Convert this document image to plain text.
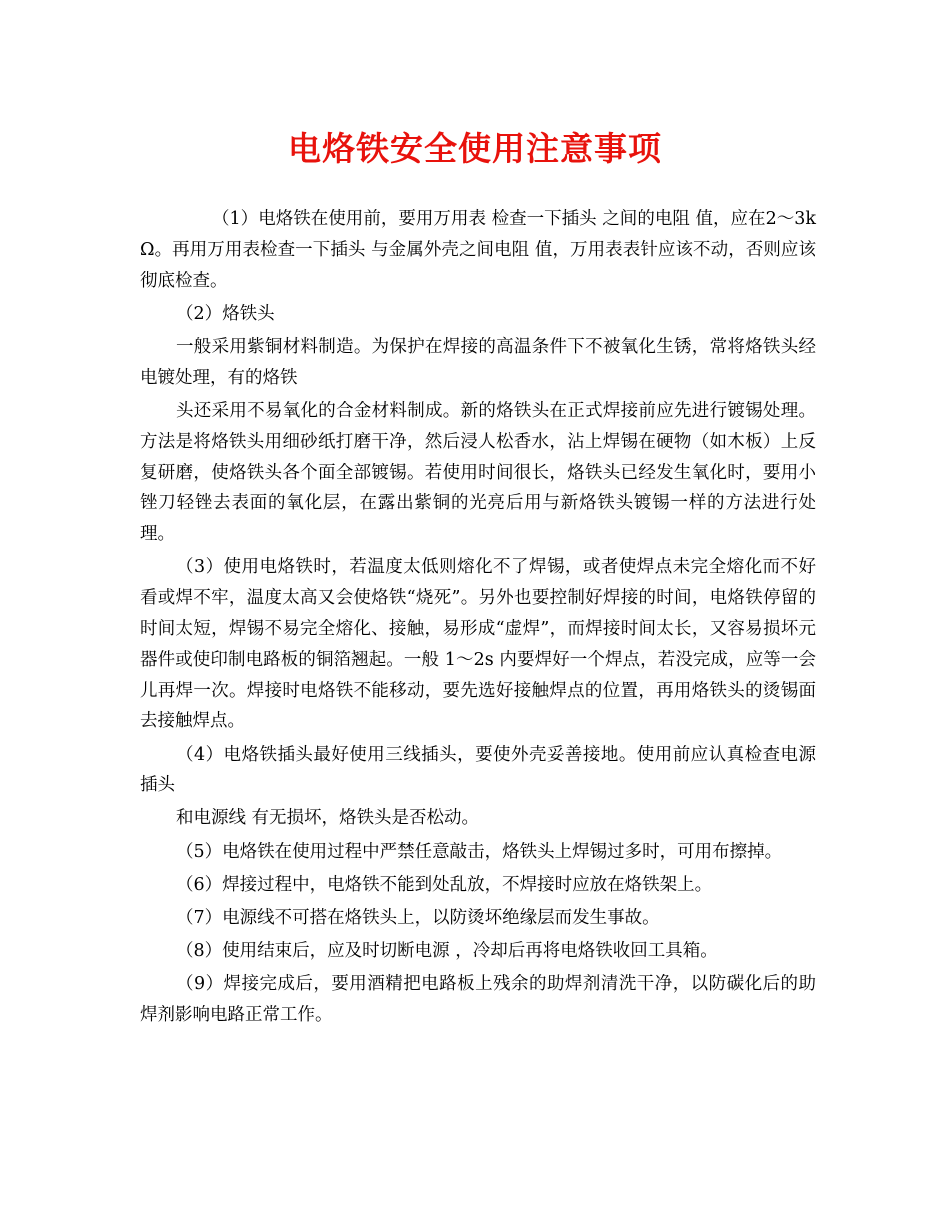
电烙铁安全使用注意事项

（1）电烙铁在使用前，要用万用表 检查一下插头 之间的电阻 值，应在2～3kΩ。再用万用表检查一下插头 与金属外壳之间电阻 值，万用表表针应该不动，否则应该彻底检查。

（2）烙铁头

一般采用紫铜材料制造。为保护在焊接的高温条件下不被氧化生锈，常将烙铁头经电镀处理，有的烙铁

头还采用不易氧化的合金材料制成。新的烙铁头在正式焊接前应先进行镀锡处理。方法是将烙铁头用细砂纸打磨干净，然后浸人松香水，沾上焊锡在硬物（如木板）上反复研磨，使烙铁头各个面全部镀锡。若使用时间很长，烙铁头已经发生氧化时，要用小锉刀轻锉去表面的氧化层，在露出紫铜的光亮后用与新烙铁头镀锡一样的方法进行处理。

（3）使用电烙铁时，若温度太低则熔化不了焊锡，或者使焊点未完全熔化而不好看或焊不牢，温度太高又会使烙铁“烧死”。另外也要控制好焊接的时间，电烙铁停留的时间太短，焊锡不易完全熔化、接触，易形成“虚焊”，而焊接时间太长，又容易损坏元器件或使印制电路板的铜箔翘起。一般 1～2s 内要焊好一个焊点，若没完成，应等一会儿再焊一次。焊接时电烙铁不能移动，要先选好接触焊点的位置，再用烙铁头的烫锡面去接触焊点。

（4）电烙铁插头最好使用三线插头，要使外壳妥善接地。使用前应认真检查电源插头

和电源线 有无损坏，烙铁头是否松动。

（5）电烙铁在使用过程中严禁任意敲击，烙铁头上焊锡过多时，可用布擦掉。

（6）焊接过程中，电烙铁不能到处乱放，不焊接时应放在烙铁架上。

（7）电源线不可搭在烙铁头上，以防烫坏绝缘层而发生事故。

（8）使用结束后，应及时切断电源 ，冷却后再将电烙铁收回工具箱。

（9）焊接完成后，要用酒精把电路板上残余的助焊剂清洗干净，以防碳化后的助焊剂影响电路正常工作。
